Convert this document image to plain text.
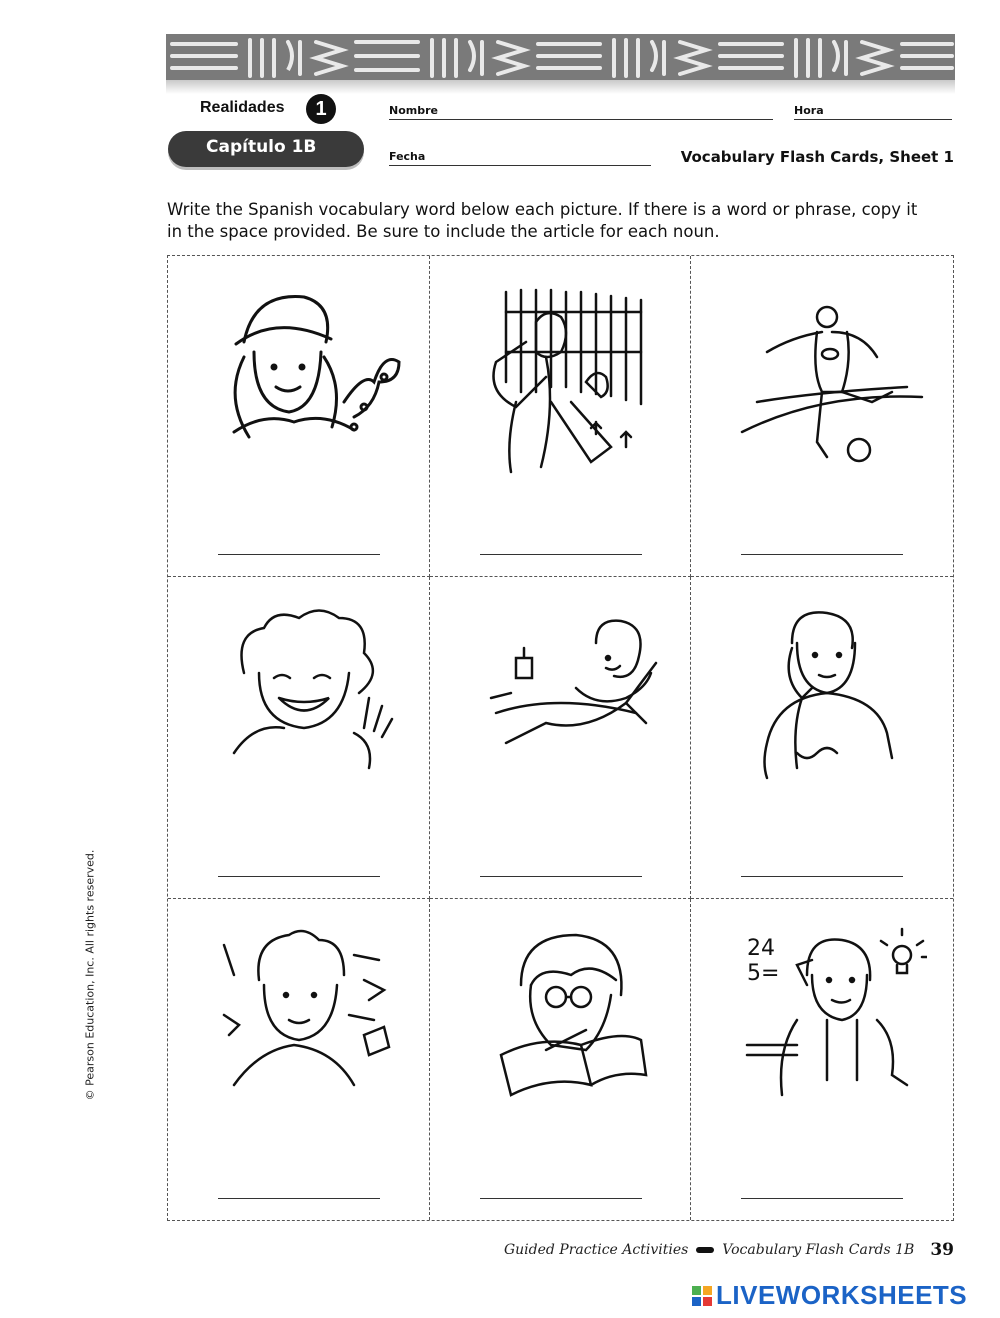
Realidades	1
Capítulo 1B
Nombre	Hora
Fecha	Vocabulary Flash Cards, Sheet 1
Write the Spanish vocabulary word below each picture. If there is a word or phrase, copy it in the space provided. Be sure to include the article for each noun.
24
5=
© Pearson Education, Inc. All rights reserved.
Guided Practice Activities Vocabulary Flash Cards 1B 39
LIVEWORKSHEETS
